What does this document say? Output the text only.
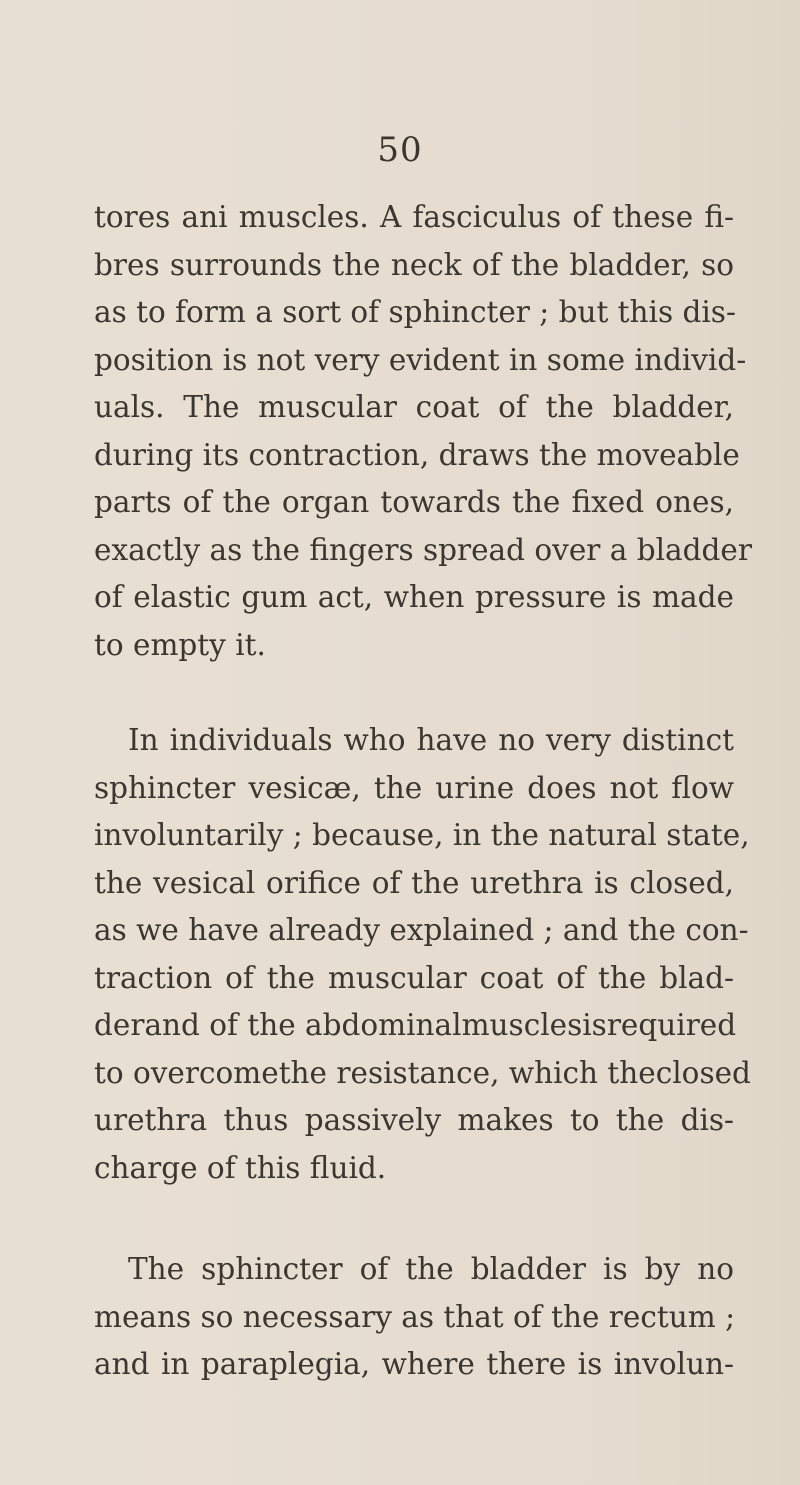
50
tores ani muscles. A fasciculus of these fi-
bres surrounds the neck of the bladder, so
as to form a sort of sphincter ; but this dis-
position is not very evident in some individ-
uals. The muscular coat of the bladder,
during its contraction, draws the moveable
parts of the organ towards the fixed ones,
exactly as the fingers spread over a bladder
of elastic gum act, when pressure is made
to empty it.
In individuals who have no very distinct
sphincter vesicæ, the urine does not flow
involuntarily ; because, in the natural state,
the vesical orifice of the urethra is closed,
as we have already explained ; and the con-
traction of the muscular coat of the blad-
derand of the abdominalmusclesisrequired
to overcomethe resistance, which theclosed
urethra thus passively makes to the dis-
charge of this fluid.
The sphincter of the bladder is by no
means so necessary as that of the rectum ;
and in paraplegia, where there is involun-
